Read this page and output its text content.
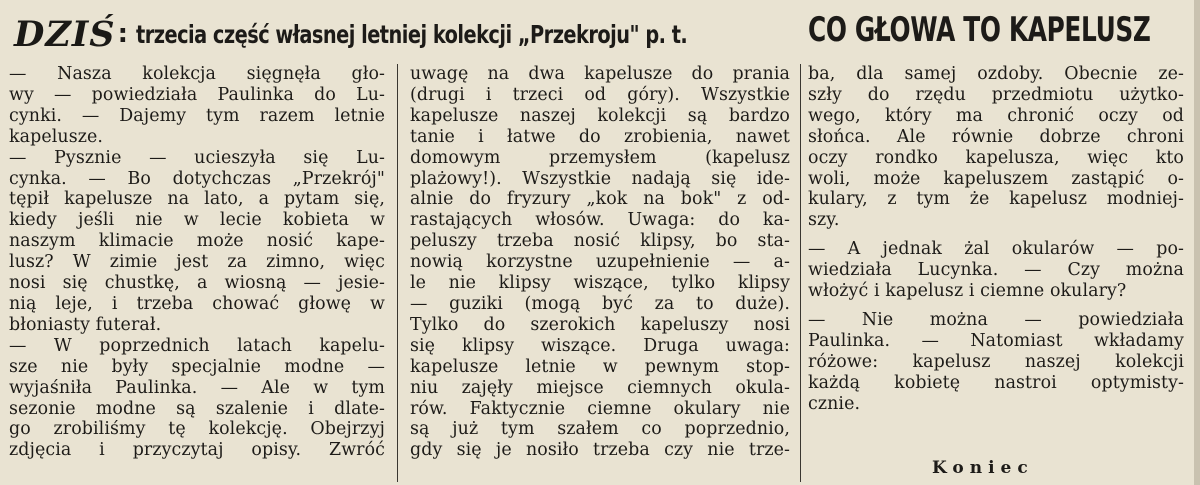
DZIŚ : trzecia część własnej letniej kolekcji „Przekroju" p. t.	CO GŁOWA TO KAPELUSZ
— Nasza kolekcja sięgnęła gło-
wy — powiedziała Paulinka do Lu-
cynki. — Dajemy tym razem letnie
kapelusze.
— Pysznie — ucieszyła się Lu-
cynka. — Bo dotychczas „Przekrój"
tępił kapelusze na lato, a pytam się,
kiedy jeśli nie w lecie kobieta w
naszym klimacie może nosić kape-
lusz? W zimie jest za zimno, więc
nosi się chustkę, a wiosną — jesie-
nią leje, i trzeba chować głowę w
błoniasty futerał.
— W poprzednich latach kapelu-
sze nie były specjalnie modne —
wyjaśniła Paulinka. — Ale w tym
sezonie modne są szalenie i dlate-
go zrobiliśmy tę kolekcję. Obejrzyj
zdjęcia i przyczytaj opisy. Zwróć
uwagę na dwa kapelusze do prania
(drugi i trzeci od góry). Wszystkie
kapelusze naszej kolekcji są bardzo
tanie i łatwe do zrobienia, nawet
domowym przemysłem (kapelusz
plażowy!). Wszystkie nadają się ide-
alnie do fryzury „kok na bok" z od-
rastających włosów. Uwaga: do ka-
peluszy trzeba nosić klipsy, bo sta-
nowią korzystne uzupełnienie — a-
le nie klipsy wiszące, tylko klipsy
— guziki (mogą być za to duże).
Tylko do szerokich kapeluszy nosi
się klipsy wiszące. Druga uwaga:
kapelusze letnie w pewnym stop-
niu zajęły miejsce ciemnych okula-
rów. Faktycznie ciemne okulary nie
są już tym szałem co poprzednio,
gdy się je nosiło trzeba czy nie trze-
ba, dla samej ozdoby. Obecnie ze-
szły do rzędu przedmiotu użytko-
wego, który ma chronić oczy od
słońca. Ale równie dobrze chroni
oczy rondko kapelusza, więc kto
woli, może kapeluszem zastąpić o-
kulary, z tym że kapelusz modniej-
szy.
— A jednak żal okularów — po-
wiedziała Lucynka. — Czy można
włożyć i kapelusz i ciemne okulary?
— Nie można — powiedziała
Paulinka. — Natomiast wkładamy
różowe: kapelusz naszej kolekcji
każdą kobietę nastroi optymisty-
cznie.
Koniec
